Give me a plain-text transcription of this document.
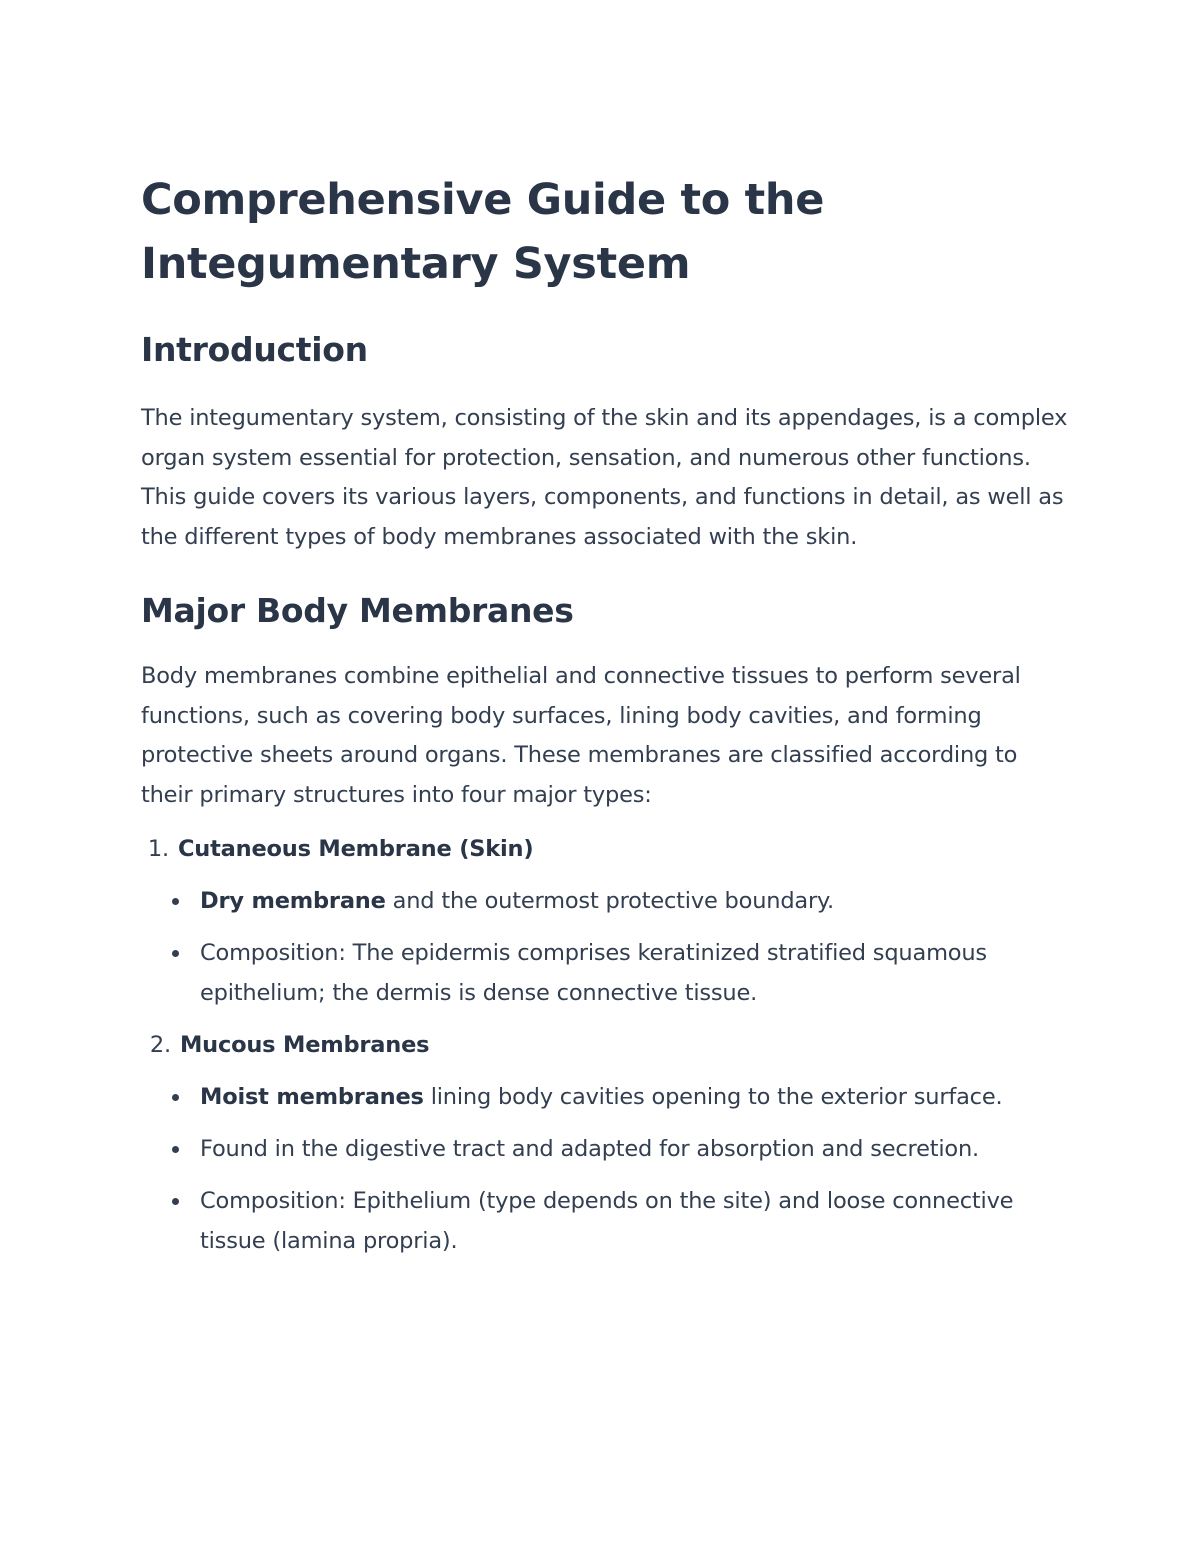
Comprehensive Guide to the Integumentary System
Introduction

The integumentary system, consisting of the skin and its appendages, is a complex organ system essential for protection, sensation, and numerous other functions. This guide covers its various layers, components, and functions in detail, as well as the different types of body membranes associated with the skin.

Major Body Membranes

Body membranes combine epithelial and connective tissues to perform several functions, such as covering body surfaces, lining body cavities, and forming protective sheets around organs. These membranes are classified according to their primary structures into four major types:

1. Cutaneous Membrane (Skin)
Dry membrane and the outermost protective boundary.
Composition: The epidermis comprises keratinized stratified squamous epithelium; the dermis is dense connective tissue.
2. Mucous Membranes
Moist membranes lining body cavities opening to the exterior surface.
Found in the digestive tract and adapted for absorption and secretion.
Composition: Epithelium (type depends on the site) and loose connective tissue (lamina propria).
